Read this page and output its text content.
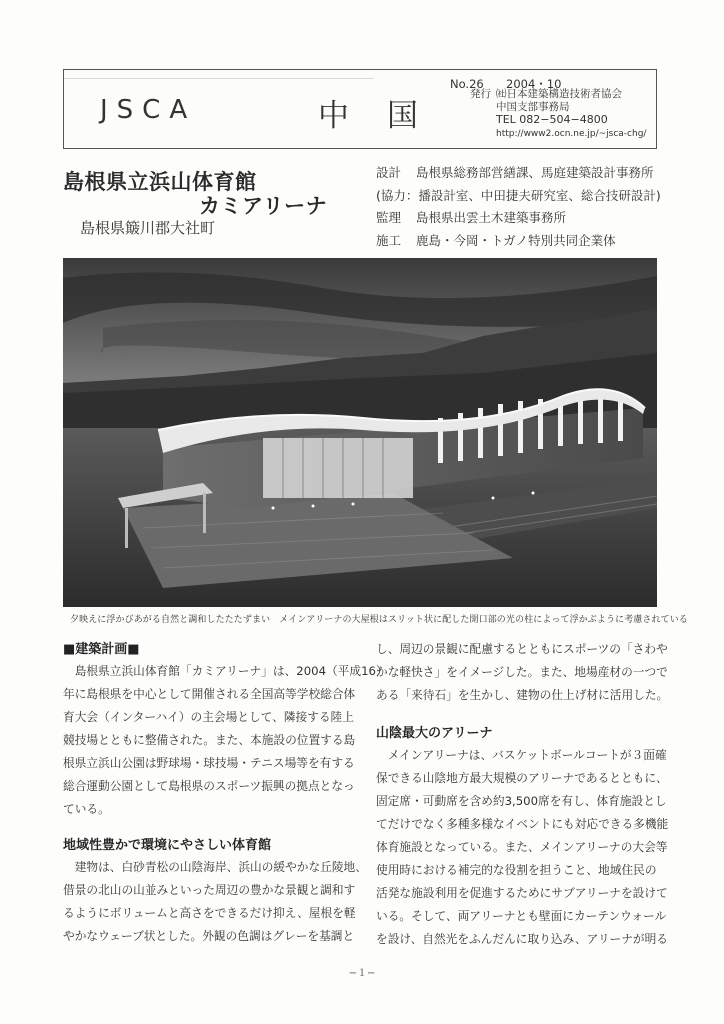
JSCA	中国
No.26 2004・10
発行 ㈳日本建築構造技術者協会
中国支部事務局
TEL 082−504−4800
http://www2.ocn.ne.jp/~jsca-chg/
島根県立浜山体育館
カミアリーナ
島根県簸川郡大社町
設計 島根県総務部営繕課、馬庭建築設計事務所
(協力：播設計室、中田捷夫研究室、総合技研設計)
監理 島根県出雲土木建築事務所
施工 鹿島・今岡・トガノ特別共同企業体
夕映えに浮かびあがる自然と調和したたたずまい　メインアリーナの大屋根はスリット状に配した開口部の光の柱によって浮かぶように考慮されている
■建築計画■
　島根県立浜山体育館「カミアリーナ」は、2004（平成16）
年に島根県を中心として開催される全国高等学校総合体
育大会（インターハイ）の主会場として、隣接する陸上
競技場とともに整備された。また、本施設の位置する島
根県立浜山公園は野球場・球技場・テニス場等を有する
総合運動公園として島根県のスポーツ振興の拠点となっ
ている。
地域性豊かで環境にやさしい体育館
　建物は、白砂青松の山陰海岸、浜山の緩やかな丘陵地、
借景の北山の山並みといった周辺の豊かな景観と調和す
るようにボリュームと高さをできるだけ抑え、屋根を軽
やかなウェーブ状とした。外観の色調はグレーを基調と
し、周辺の景観に配慮するとともにスポーツの「さわや
かな軽快さ」をイメージした。また、地場産材の一つで
ある「来待石」を生かし、建物の仕上げ材に活用した。
山陰最大のアリーナ
　メインアリーナは、バスケットボールコートが３面確
保できる山陰地方最大規模のアリーナであるとともに、
固定席・可動席を含め約3,500席を有し、体育施設とし
てだけでなく多種多様なイベントにも対応できる多機能
体育施設となっている。また、メインアリーナの大会等
使用時における補完的な役割を担うこと、地域住民の
活発な施設利用を促進するためにサブアリーナを設けて
いる。そして、両アリーナとも壁面にカーテンウォール
を設け、自然光をふんだんに取り込み、アリーナが明る
−１−
